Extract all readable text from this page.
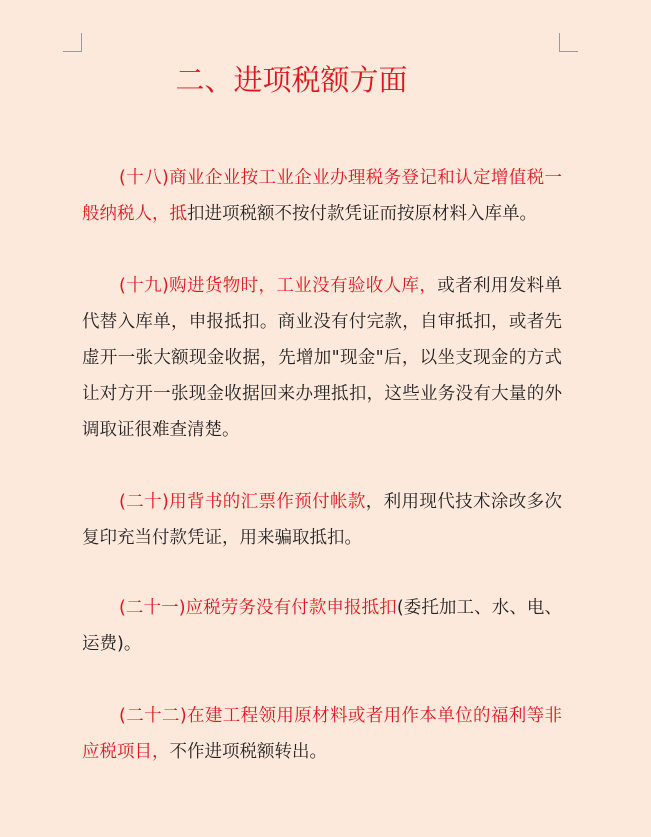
二、进项税额方面

(十八)商业企业按工业企业办理税务登记和认定增值税一般纳税人，抵扣进项税额不按付款凭证而按原材料入库单。

(十九)购进货物时，工业没有验收人库，或者利用发料单代替入库单，申报抵扣。商业没有付完款，自审抵扣，或者先虚开一张大额现金收据，先增加"现金"后，以坐支现金的方式让对方开一张现金收据回来办理抵扣，这些业务没有大量的外调取证很难查清楚。

(二十)用背书的汇票作预付帐款，利用现代技术涂改多次复印充当付款凭证，用来骗取抵扣。

(二十一)应税劳务没有付款申报抵扣(委托加工、水、电、运费)。

(二十二)在建工程领用原材料或者用作本单位的福利等非应税项目，不作进项税额转出。
